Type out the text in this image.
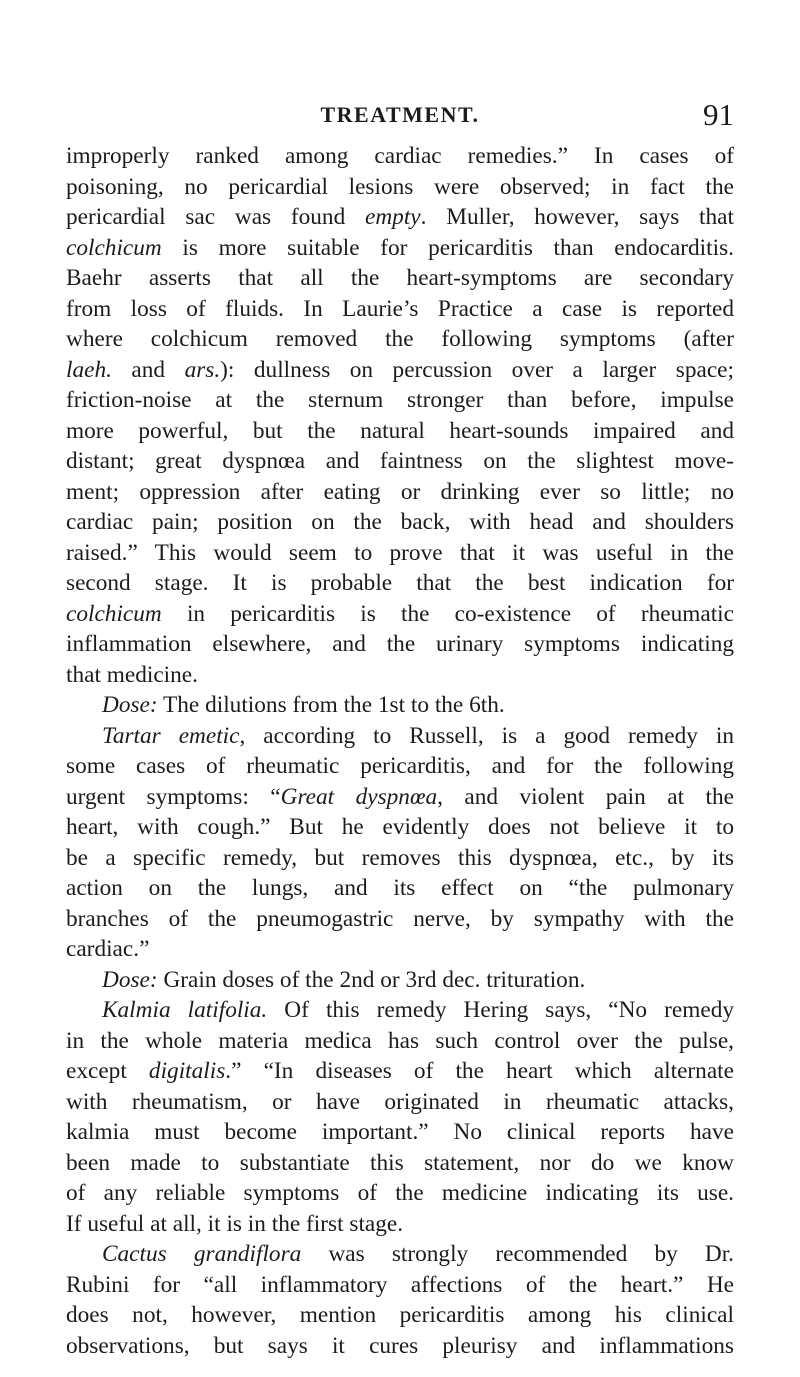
TREATMENT.	91
improperly ranked among cardiac remedies.” In cases of
poisoning, no pericardial lesions were observed; in fact the
pericardial sac was found empty. Muller, however, says that
colchicum is more suitable for pericarditis than endocarditis.
Baehr asserts that all the heart-symptoms are secondary
from loss of fluids. In Laurie’s Practice a case is reported
where colchicum removed the following symptoms (after
laeh. and ars.): dullness on percussion over a larger space;
friction-noise at the sternum stronger than before, impulse
more powerful, but the natural heart-sounds impaired and
distant; great dyspnœa and faintness on the slightest move-
ment; oppression after eating or drinking ever so little; no
cardiac pain; position on the back, with head and shoulders
raised.” This would seem to prove that it was useful in the
second stage. It is probable that the best indication for
colchicum in pericarditis is the co-existence of rheumatic
inflammation elsewhere, and the urinary symptoms indicating
that medicine.
Dose: The dilutions from the 1st to the 6th.
Tartar emetic, according to Russell, is a good remedy in
some cases of rheumatic pericarditis, and for the following
urgent symptoms: “Great dyspnœa, and violent pain at the
heart, with cough.” But he evidently does not believe it to
be a specific remedy, but removes this dyspnœa, etc., by its
action on the lungs, and its effect on “the pulmonary
branches of the pneumogastric nerve, by sympathy with the
cardiac.”
Dose: Grain doses of the 2nd or 3rd dec. trituration.
Kalmia latifolia. Of this remedy Hering says, “No remedy
in the whole materia medica has such control over the pulse,
except digitalis.” “In diseases of the heart which alternate
with rheumatism, or have originated in rheumatic attacks,
kalmia must become important.” No clinical reports have
been made to substantiate this statement, nor do we know
of any reliable symptoms of the medicine indicating its use.
If useful at all, it is in the first stage.
Cactus grandiflora was strongly recommended by Dr.
Rubini for “all inflammatory affections of the heart.” He
does not, however, mention pericarditis among his clinical
observations, but says it cures pleurisy and inflammations
